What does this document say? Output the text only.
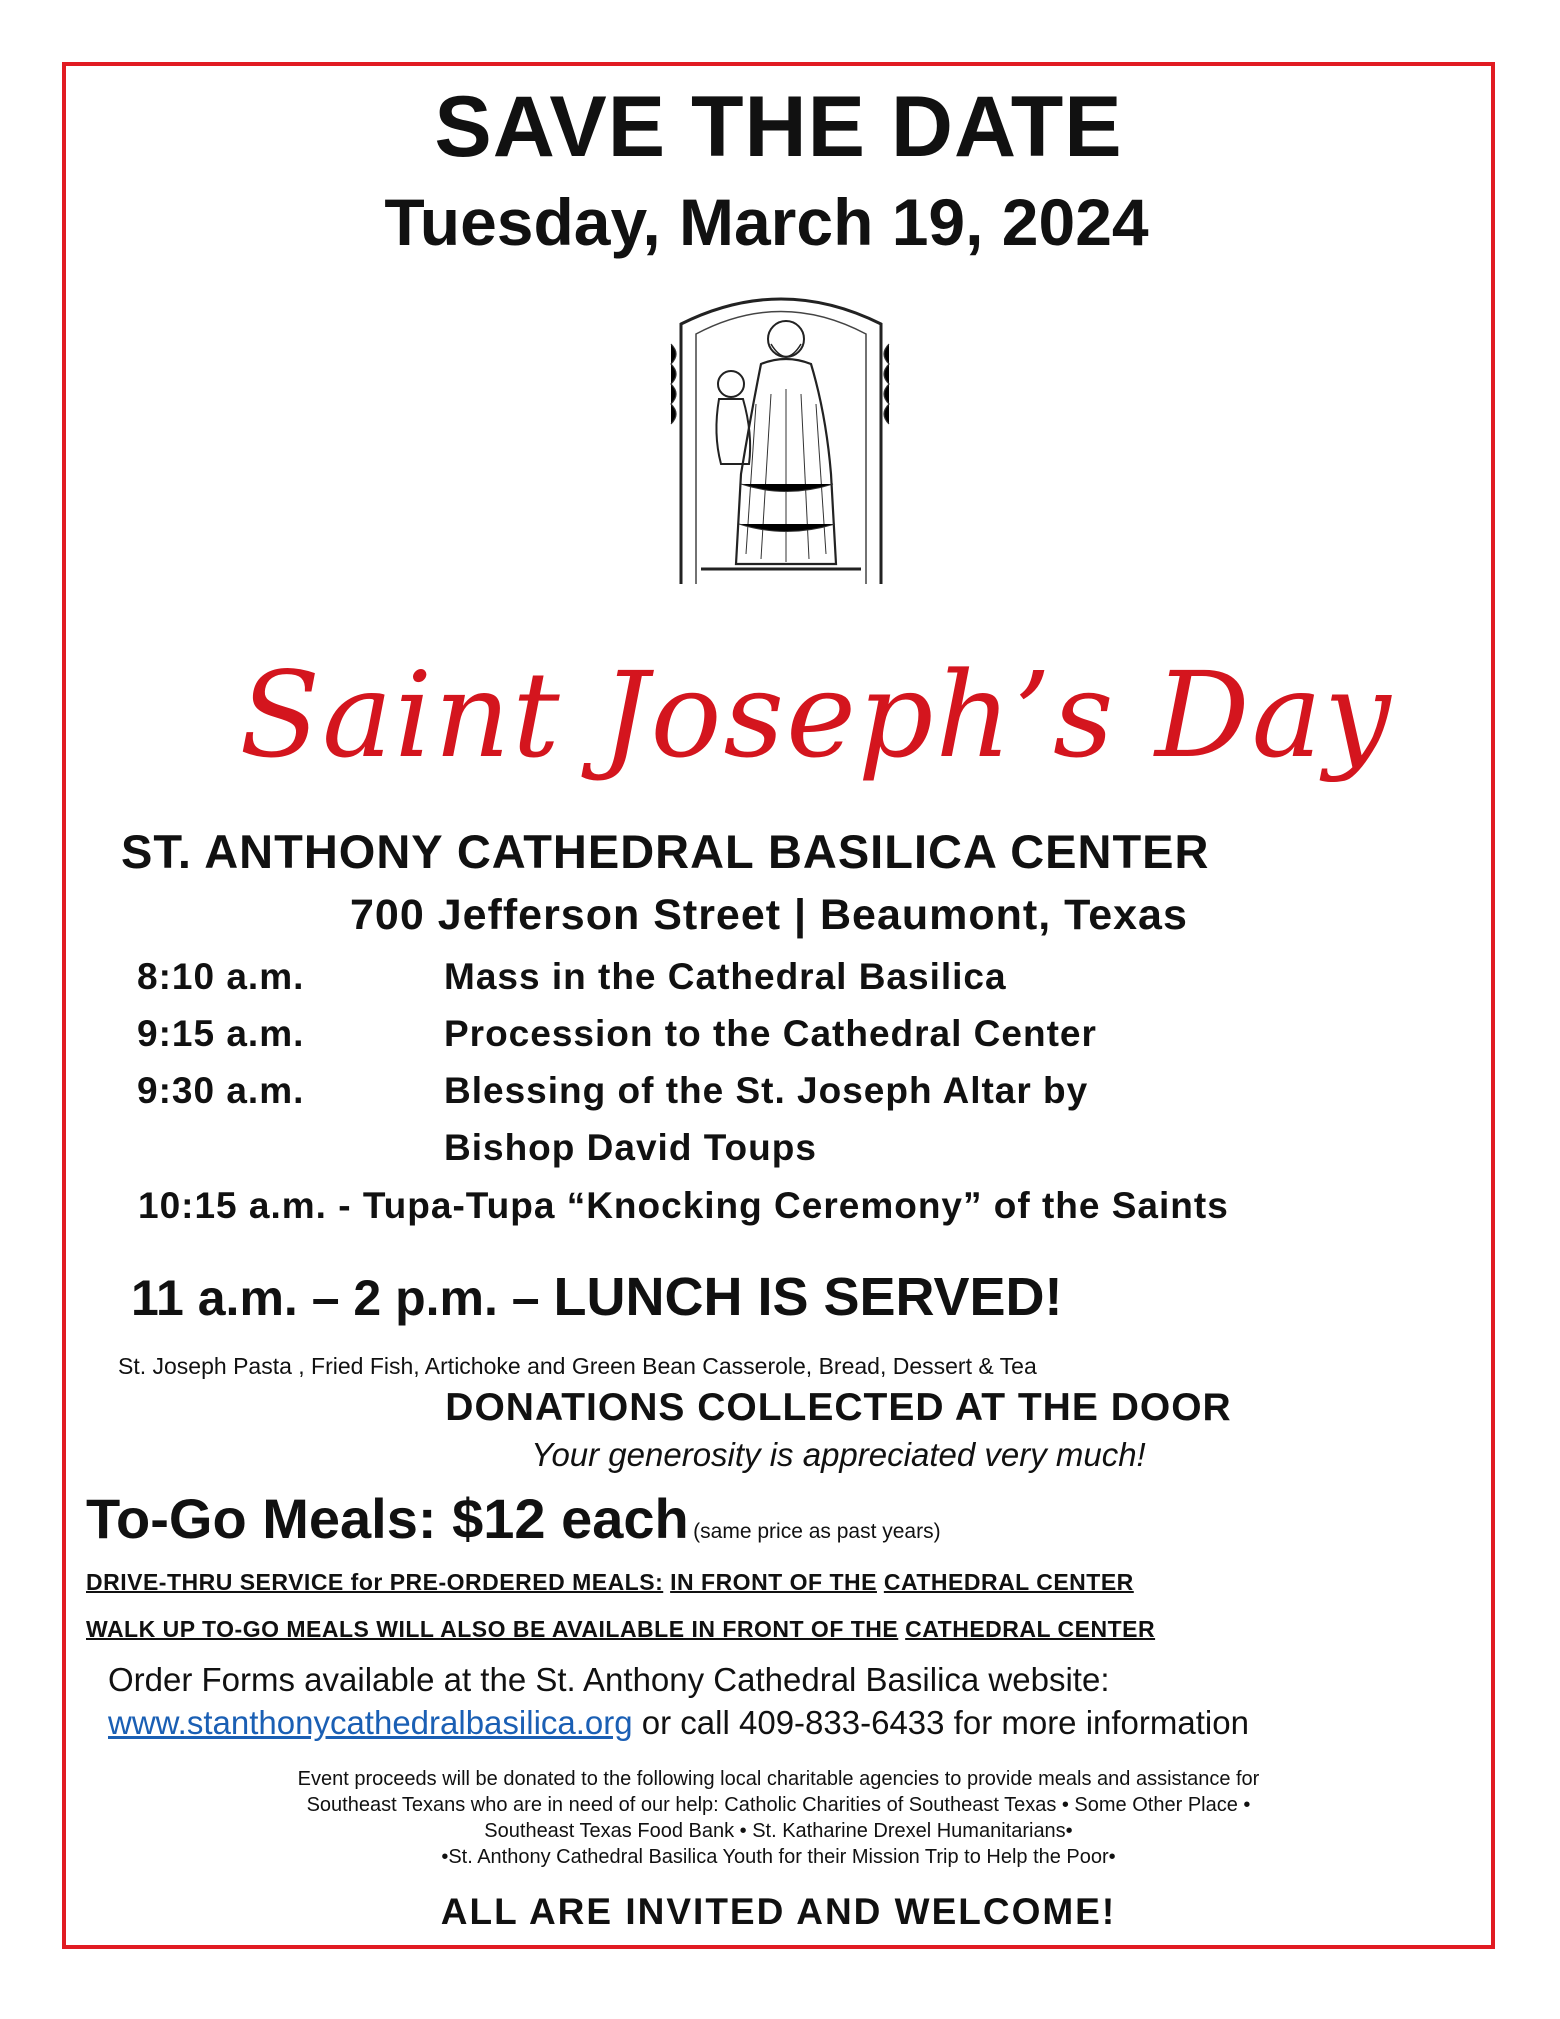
SAVE THE DATE
Tuesday, March 19, 2024
Saint Joseph’s Day
ST. ANTHONY CATHEDRAL BASILICA CENTER
700 Jefferson Street | Beaumont, Texas
8:10 a.m.	Mass in the Cathedral Basilica
9:15 a.m.	Procession to the Cathedral Center
9:30 a.m.	Blessing of the St. Joseph Altar by
Bishop David Toups
10:15 a.m. - Tupa-Tupa “Knocking Ceremony” of the Saints
11 a.m. – 2 p.m. – LUNCH IS SERVED!
St. Joseph Pasta , Fried Fish, Artichoke and Green Bean Casserole, Bread, Dessert & Tea
DONATIONS COLLECTED AT THE DOOR
Your generosity is appreciated very much!
To-Go Meals: $12 each (same price as past years)
DRIVE-THRU SERVICE for PRE-ORDERED MEALS: IN FRONT OF THE CATHEDRAL CENTER
WALK UP TO-GO MEALS WILL ALSO BE AVAILABLE IN FRONT OF THE CATHEDRAL CENTER
Order Forms available at the St. Anthony Cathedral Basilica website:
www.stanthonycathedralbasilica.org or call 409-833-6433 for more information
Event proceeds will be donated to the following local charitable agencies to provide meals and assistance for
Southeast Texans who are in need of our help: Catholic Charities of Southeast Texas • Some Other Place •
Southeast Texas Food Bank • St. Katharine Drexel Humanitarians•
•St. Anthony Cathedral Basilica Youth for their Mission Trip to Help the Poor•
ALL ARE INVITED AND WELCOME!
